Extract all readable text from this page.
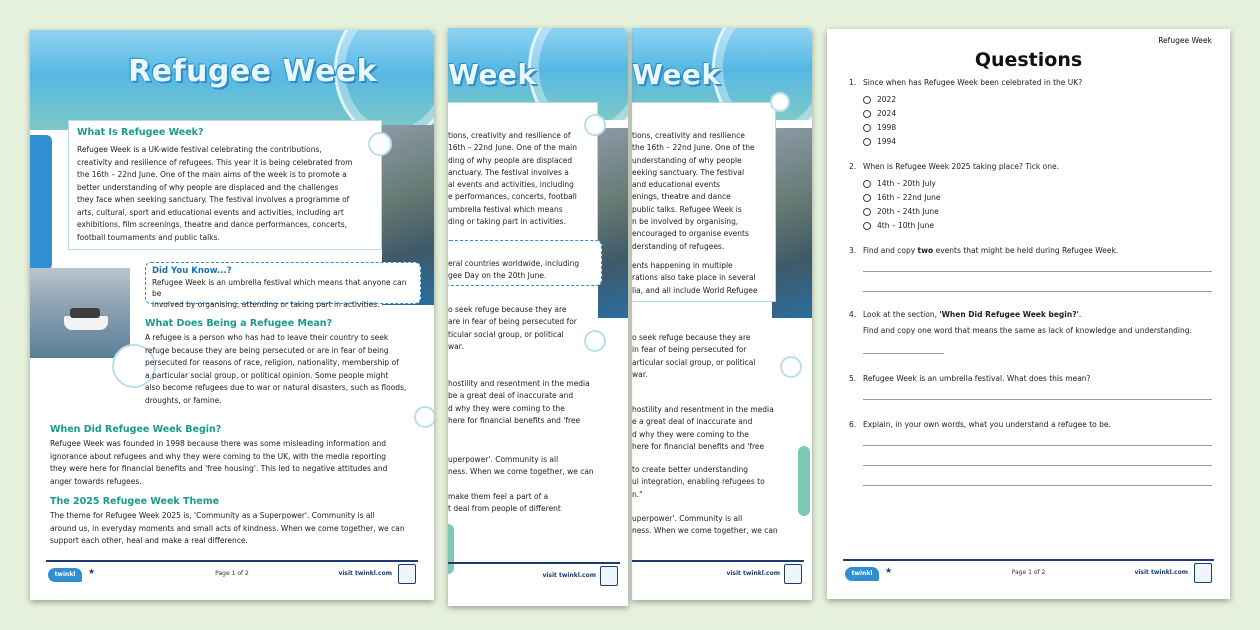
Week
tions, creativity and resilience
the 16th – 22nd June. One of the
understanding of why people
eeking sanctuary. The festival
and educational events
enings, theatre and dance
public talks. Refugee Week is
n be involved by organising,
encouraged to organise events
derstanding of refugees.
ents happening in multiple
rations also take place in several
lia, and all include World Refugee
o seek refuge because they are
in fear of being persecuted for
articular social group, or political
war.
hostility and resentment in the media
e a great deal of inaccurate and
d why they were coming to the
here for financial benefits and 'free
to create better understanding
ul integration, enabling refugees to
n."
uperpower'. Community is all
ness. When we come together, we can
visit twinkl.com
Week
tions, creativity and resilience of
16th – 22nd June. One of the main
ding of why people are displaced
anctuary. The festival involves a
al events and activities, including
e performances, concerts, football
umbrella festival which means
ding or taking part in activities.
eral countries worldwide, including
gee Day on the 20th June.
o seek refuge because they are
are in fear of being persecuted for
ticular social group, or political
war.
hostility and resentment in the media
be a great deal of inaccurate and
d why they were coming to the
here for financial benefits and 'free
uperpower'. Community is all
ness. When we come together, we can
make them feel a part of a
t deal from people of different
visit twinkl.com
Refugee Week
What Is Refugee Week?
Refugee Week is a UK-wide festival celebrating the contributions,
creativity and resilience of refugees. This year it is being celebrated from
the 16th – 22nd June. One of the main aims of the week is to promote a
better understanding of why people are displaced and the challenges
they face when seeking sanctuary. The festival involves a programme of
arts, cultural, sport and educational events and activities, including art
exhibitions, film screenings, theatre and dance performances, concerts,
football tournaments and public talks.
Did You Know...?
Refugee Week is an umbrella festival which means that anyone can be
involved by organising, attending or taking part in activities.
What Does Being a Refugee Mean?
A refugee is a person who has had to leave their country to seek
refuge because they are being persecuted or are in fear of being
persecuted for reasons of race, religion, nationality, membership of
a particular social group, or political opinion. Some people might
also become refugees due to war or natural disasters, such as floods,
droughts, or famine.
When Did Refugee Week Begin?
Refugee Week was founded in 1998 because there was some misleading information and
ignorance about refugees and why they were coming to the UK, with the media reporting
they were here for financial benefits and 'free housing'. This led to negative attitudes and
anger towards refugees.
The 2025 Refugee Week Theme
The theme for Refugee Week 2025 is, 'Community as a Superpower'. Community is all
around us, in everyday moments and small acts of kindness. When we come together, we can
support each other, heal and make a real difference.
twinkl	★	Page 1 of 2	visit twinkl.com
Refugee Week
Questions
1. Since when has Refugee Week been celebrated in the UK?
2022
2024
1998
1994
2. When is Refugee Week 2025 taking place? Tick one.
14th – 20th July
16th – 22nd June
20th – 24th June
4th – 10th June
3. Find and copy two events that might be held during Refugee Week.
4. Look at the section, 'When Did Refugee Week begin?'.
Find and copy one word that means the same as lack of knowledge and understanding.
5. Refugee Week is an umbrella festival. What does this mean?
6. Explain, in your own words, what you understand a refugee to be.
twinkl	★	Page 1 of 2	visit twinkl.com
